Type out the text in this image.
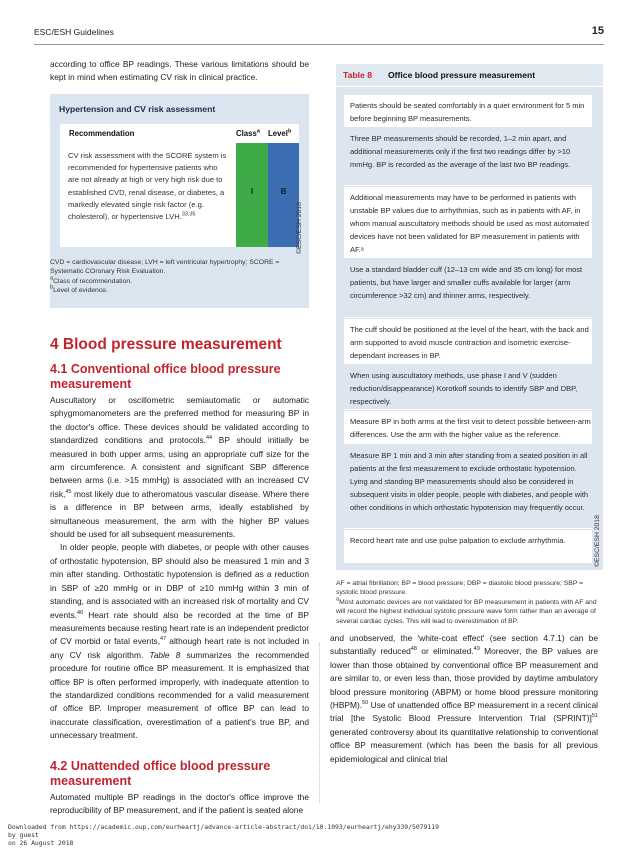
ESC/ESH Guidelines	15

according to office BP readings. These various limitations should be kept in mind when estimating CV risk in clinical practice.

Hypertension and CV risk assessment
Recommendation	Class$^a$ Level$^b$
CV risk assessment with the SCORE system is recommended for hypertensive patients who are not already at high or very high risk due to established CVD, renal disease, or diabetes, a markedly elevated single risk factor (e.g. cholesterol), or hypertensive LVH.$^{33,35}$
I	B
©ESC/ESH 2018
CVD = cardiovascular disease; LVH = left ventricular hypertrophy; SCORE = Systematic COronary Risk Evaluation.
$^a$Class of recommendation.
$^b$Level of evidence.
4 Blood pressure measurement
4.1 Conventional office blood pressure measurement

Auscultatory or oscillometric semiautomatic or automatic sphygmomanometers are the preferred method for measuring BP in the doctor's office. These devices should be validated according to standardized conditions and protocols.$^{44}$ BP should initially be measured in both upper arms, using an appropriate cuff size for the arm circumference. A consistent and significant SBP difference between arms (i.e. >15 mmHg) is associated with an increased CV risk,$^{45}$ most likely due to atheromatous vascular disease. Where there is a difference in BP between arms, ideally established by simultaneous measurement, the arm with the higher BP values should be used for all subsequent measurements.

In older people, people with diabetes, or people with other causes of orthostatic hypotension, BP should also be measured 1 min and 3 min after standing. Orthostatic hypotension is defined as a reduction in SBP of ≥20 mmHg or in DBP of ≥10 mmHg within 3 min of standing, and is associated with an increased risk of mortality and CV events.$^{46}$ Heart rate should also be recorded at the time of BP measurements because resting heart rate is an independent predictor of CV morbid or fatal events,$^{47}$ although heart rate is not included in any CV risk algorithm. Table 8 summarizes the recommended procedure for routine office BP measurement. It is emphasized that office BP is often performed improperly, with inadequate attention to the standardized conditions recommended for a valid measurement of office BP. Improper measurement of office BP can lead to inaccurate classification, overestimation of a patient's true BP, and unnecessary treatment.

4.2 Unattended office blood pressure measurement

Automated multiple BP readings in the doctor's office improve the reproducibility of BP measurement, and if the patient is seated alone

Table 8 Office blood pressure measurement
Patients should be seated comfortably in a quiet environment for 5 min before beginning BP measurements.
Three BP measurements should be recorded, 1–2 min apart, and additional measurements only if the first two readings differ by >10 mmHg. BP is recorded as the average of the last two BP readings.
Additional measurements may have to be performed in patients with unstable BP values due to arrhythmias, such as in patients with AF, in whom manual auscultatory methods should be used as most automated devices have not been validated for BP measurement in patients with AF.ᵃ
Use a standard bladder cuff (12–13 cm wide and 35 cm long) for most patients, but have larger and smaller cuffs available for larger (arm circumference >32 cm) and thinner arms, respectively.
The cuff should be positioned at the level of the heart, with the back and arm supported to avoid muscle contraction and isometric exercise-dependant increases in BP.
When using auscultatory methods, use phase I and V (sudden reduction/disappearance) Korotkoff sounds to identify SBP and DBP, respectively.
Measure BP in both arms at the first visit to detect possible between-arm differences. Use the arm with the higher value as the reference.
Measure BP 1 min and 3 min after standing from a seated position in all patients at the first measurement to exclude orthostatic hypotension. Lying and standing BP measurements should also be considered in subsequent visits in older people, people with diabetes, and people with other conditions in which orthostatic hypotension may frequently occur.
Record heart rate and use pulse palpation to exclude arrhythmia.	©ESC/ESH 2018
AF = atrial fibrillation; BP = blood pressure; DBP = diastolic blood pressure; SBP = systolic blood pressure.
$^a$Most automatic devices are not validated for BP measurement in patients with AF and will record the highest individual systolic pressure wave form rather than an average of several cardiac cycles. This will lead to overestimation of BP.

and unobserved, the 'white-coat effect' (see section 4.7.1) can be substantially reduced$^{48}$ or eliminated.$^{49}$ Moreover, the BP values are lower than those obtained by conventional office BP measurement and are similar to, or even less than, those provided by daytime ambulatory blood pressure monitoring (ABPM) or home blood pressure monitoring (HBPM).$^{50}$ Use of unattended office BP measurement in a recent clinical trial [the Systolic Blood Pressure Intervention Trial (SPRINT)]$^{51}$ generated controversy about its quantitative relationship to conventional office BP measurement (which has been the basis for all previous epidemiological and clinical trial

Downloaded from https://academic.oup.com/eurheartj/advance-article-abstract/doi/10.1093/eurheartj/ehy339/5079119
by guest
on 26 August 2018
